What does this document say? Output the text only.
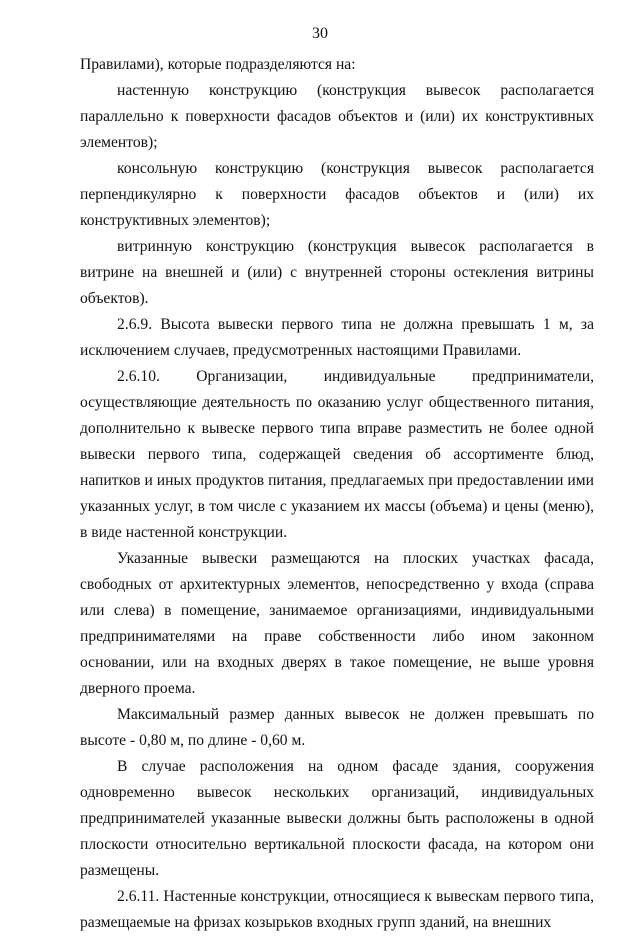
30

Правилами), которые подразделяются на:

настенную конструкцию (конструкция вывесок располагается параллельно к поверхности фасадов объектов и (или) их конструктивных элементов);

консольную конструкцию (конструкция вывесок располагается перпендикулярно к поверхности фасадов объектов и (или) их конструктивных элементов);

витринную конструкцию (конструкция вывесок располагается в витрине на внешней и (или) с внутренней стороны остекления витрины объектов).

2.6.9. Высота вывески первого типа не должна превышать 1 м, за исключением случаев, предусмотренных настоящими Правилами.

2.6.10. Организации, индивидуальные предприниматели, осуществляющие деятельность по оказанию услуг общественного питания, дополнительно к вывеске первого типа вправе разместить не более одной вывески первого типа, содержащей сведения об ассортименте блюд, напитков и иных продуктов питания, предлагаемых при предоставлении ими указанных услуг, в том числе с указанием их массы (объема) и цены (меню), в виде настенной конструкции.

Указанные вывески размещаются на плоских участках фасада, свободных от архитектурных элементов, непосредственно у входа (справа или слева) в помещение, занимаемое организациями, индивидуальными предпринимателями на праве собственности либо ином законном основании, или на входных дверях в такое помещение, не выше уровня дверного проема.

Максимальный размер данных вывесок не должен превышать по высоте - 0,80 м, по длине - 0,60 м.

В случае расположения на одном фасаде здания, сооружения одновременно вывесок нескольких организаций, индивидуальных предпринимателей указанные вывески должны быть расположены в одной плоскости относительно вертикальной плоскости фасада, на котором они размещены.

2.6.11. Настенные конструкции, относящиеся к вывескам первого типа, размещаемые на фризах козырьков входных групп зданий, на внешних
